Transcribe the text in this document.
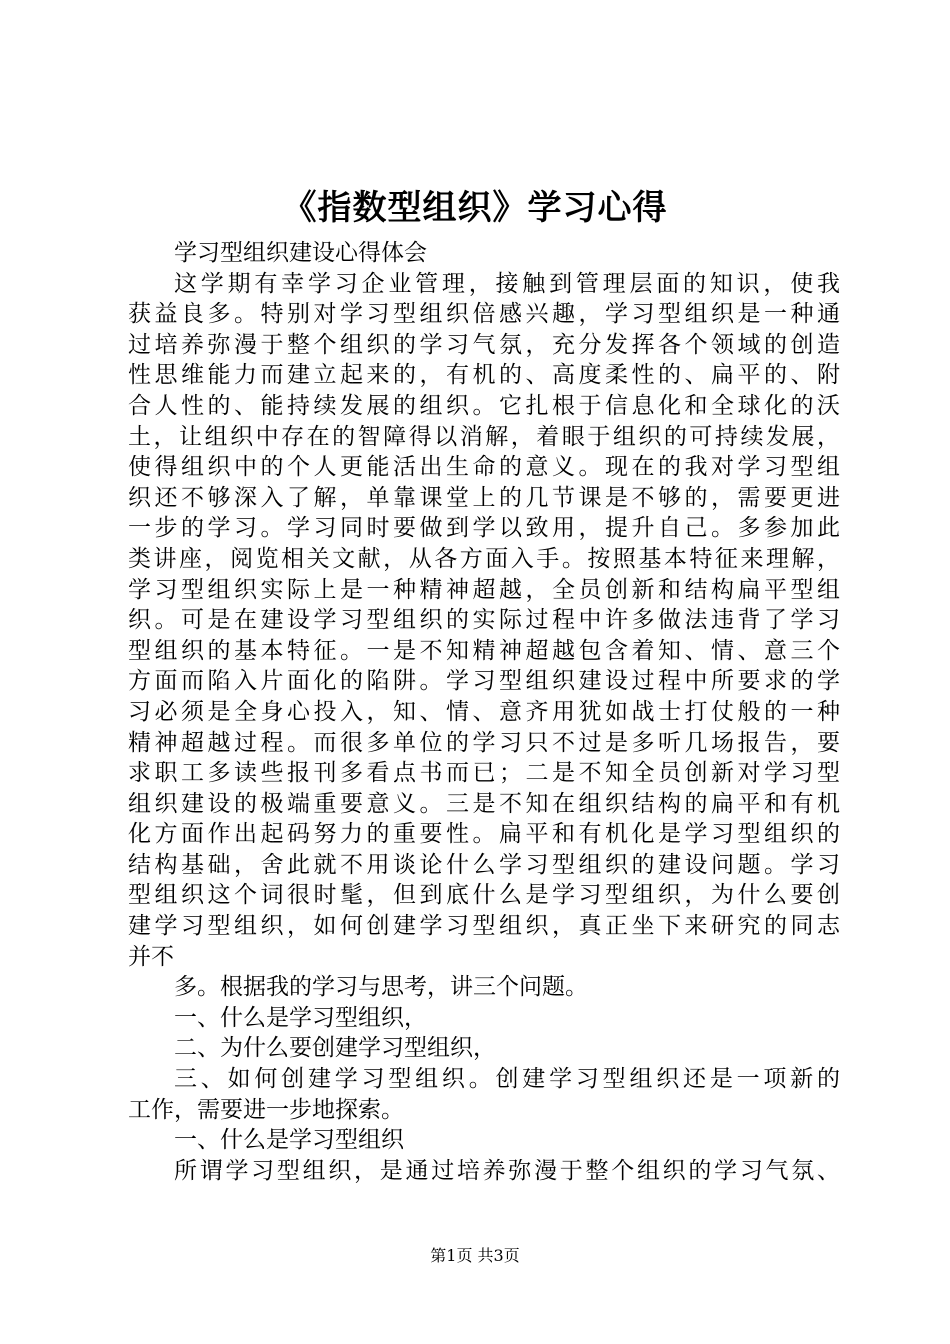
《指数型组织》学习心得
学习型组织建设心得体会
这学期有幸学习企业管理，接触到管理层面的知识，使我
获益良多。特别对学习型组织倍感兴趣，学习型组织是一种通
过培养弥漫于整个组织的学习气氛，充分发挥各个领域的创造
性思维能力而建立起来的，有机的、高度柔性的、扁平的、附
合人性的、能持续发展的组织。它扎根于信息化和全球化的沃
土，让组织中存在的智障得以消解，着眼于组织的可持续发展，
使得组织中的个人更能活出生命的意义。现在的我对学习型组
织还不够深入了解，单靠课堂上的几节课是不够的，需要更进
一步的学习。学习同时要做到学以致用，提升自己。多参加此
类讲座，阅览相关文献，从各方面入手。按照基本特征来理解，
学习型组织实际上是一种精神超越，全员创新和结构扁平型组
织。可是在建设学习型组织的实际过程中许多做法违背了学习
型组织的基本特征。一是不知精神超越包含着知、情、意三个
方面而陷入片面化的陷阱。学习型组织建设过程中所要求的学
习必须是全身心投入，知、情、意齐用犹如战士打仗般的一种
精神超越过程。而很多单位的学习只不过是多听几场报告，要
求职工多读些报刊多看点书而已；二是不知全员创新对学习型
组织建设的极端重要意义。三是不知在组织结构的扁平和有机
化方面作出起码努力的重要性。扁平和有机化是学习型组织的
结构基础，舍此就不用谈论什么学习型组织的建设问题。学习
型组织这个词很时髦，但到底什么是学习型组织，为什么要创
建学习型组织，如何创建学习型组织，真正坐下来研究的同志
并不
多。根据我的学习与思考，讲三个问题。
一、什么是学习型组织，
二、为什么要创建学习型组织，
三、如何创建学习型组织。创建学习型组织还是一项新的
工作，需要进一步地探索。
一、什么是学习型组织
所谓学习型组织，是通过培养弥漫于整个组织的学习气氛、
第1页 共3页
